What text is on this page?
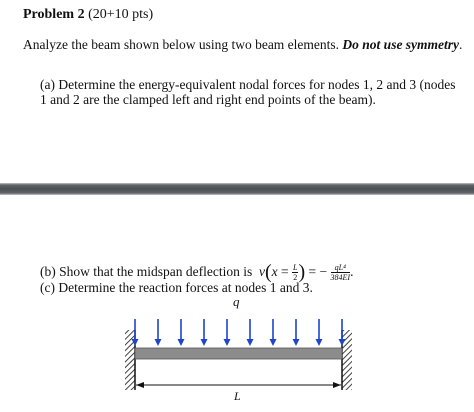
Problem 2 (20+10 pts)
Analyze the beam shown below using two beam elements. Do not use symmetry.
(a) Determine the energy-equivalent nodal forces for nodes 1, 2 and 3 (nodes 1 and 2 are the clamped left and right end points of the beam).
(b) Show that the midspan deflection is $v(x = \frac{L}{2}$ ) = − $\frac{\text{qL⁴}}{384EI}$ .
(c) Determine the reaction forces at nodes 1 and 3.
q
L
